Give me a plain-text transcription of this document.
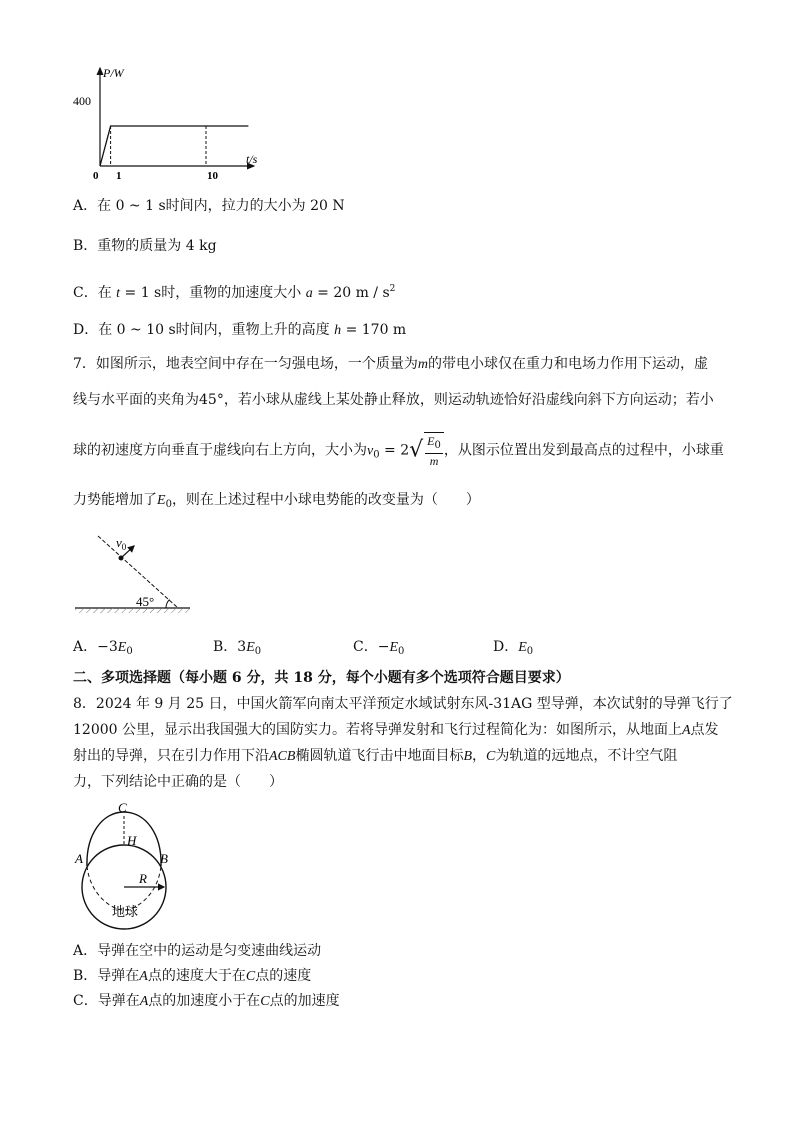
P/W
t/s
400
0 1	10
A．在 0 ~ 1 s时间内，拉力的大小为 20 N
B．重物的质量为 4 kg
C．在 t = 1 s时，重物的加速度大小 a = 20 m / $s^2$
D．在 0 ~ 10 s时间内，重物上升的高度 h = 170 m
7．如图所示，地表空间中存在一匀强电场，一个质量为m的带电小球仅在重力和电场力作用下运动，虚
线与水平面的夹角为45°，若小球从虚线上某处静止释放，则运动轨迹恰好沿虚线向斜下方向运动；若小
球的初速度方向垂直于虚线向右上方向，大小为$v_0 = 2√ \frac{E_0}{m}$ ，从图示位置出发到最高点的过程中，小球重
力势能增加了$E_0$，则在上述过程中小球电势能的改变量为（　　）
$v_0$
45°
A．$-3E_0$	B．$3E_0$	C．$-E_0$	D．$E_0$
二、多项选择题（每小题 6 分，共 18 分，每个小题有多个选项符合题目要求）
8．2024 年 9 月 25 日，中国火箭军向南太平洋预定水域试射东风-31AG 型导弹，本次试射的导弹飞行了
12000 公里，显示出我国强大的国防实力。若将导弹发射和飞行过程简化为：如图所示，从地面上A点发
射出的导弹，只在引力作用下沿ACB椭圆轨道飞行击中地面目标B，C为轨道的远地点，不计空气阻
力，下列结论中正确的是（　　）
C
H
A	B
R
地球
A．导弹在空中的运动是匀变速曲线运动
B．导弹在A点的速度大于在C点的速度
C．导弹在A点的加速度小于在C点的加速度
